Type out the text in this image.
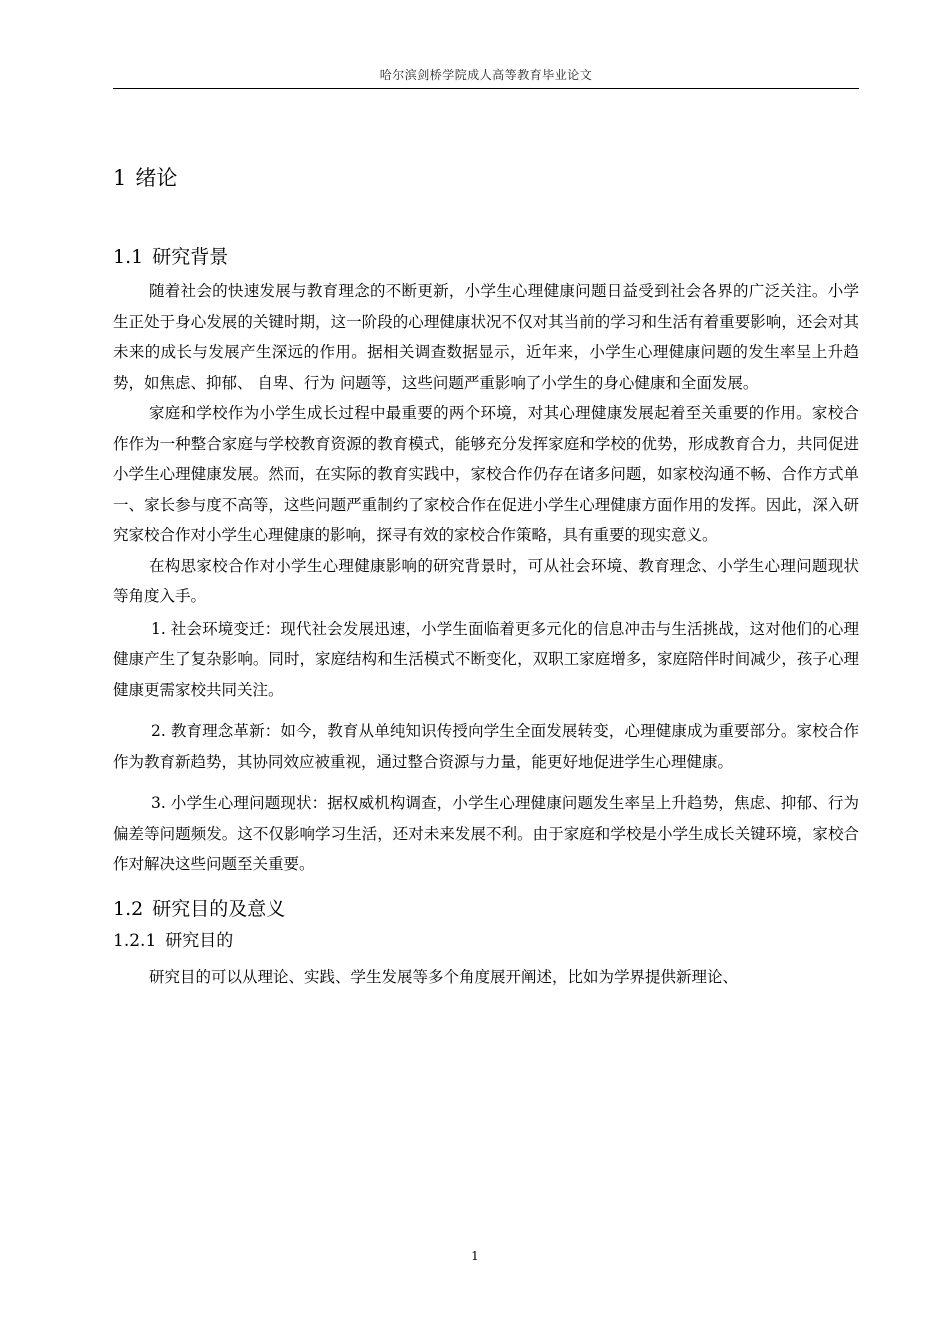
哈尔滨剑桥学院成人高等教育毕业论文
1 绪论
1.1 研究背景

随着社会的快速发展与教育理念的不断更新，小学生心理健康问题日益受到社会各界的广泛关注。小学生正处于身心发展的关键时期，这一阶段的心理健康状况不仅对其当前的学习和生活有着重要影响，还会对其未来的成长与发展产生深远的作用。据相关调查数据显示，近年来，小学生心理健康问题的发生率呈上升趋势，如焦虑、抑郁、 自卑、行为 问题等，这些问题严重影响了小学生的身心健康和全面发展。

家庭和学校作为小学生成长过程中最重要的两个环境，对其心理健康发展起着至关重要的作用。家校合作作为一种整合家庭与学校教育资源的教育模式，能够充分发挥家庭和学校的优势，形成教育合力，共同促进小学生心理健康发展。然而，在实际的教育实践中，家校合作仍存在诸多问题，如家校沟通不畅、合作方式单一、家长参与度不高等，这些问题严重制约了家校合作在促进小学生心理健康方面作用的发挥。因此，深入研究家校合作对小学生心理健康的影响，探寻有效的家校合作策略，具有重要的现实意义。

在构思家校合作对小学生心理健康影响的研究背景时，可从社会环境、教育理念、小学生心理问题现状等角度入手。

1. 社会环境变迁：现代社会发展迅速，小学生面临着更多元化的信息冲击与生活挑战，这对他们的心理健康产生了复杂影响。同时，家庭结构和生活模式不断变化，双职工家庭增多，家庭陪伴时间减少，孩子心理健康更需家校共同关注。

2. 教育理念革新：如今，教育从单纯知识传授向学生全面发展转变，心理健康成为重要部分。家校合作作为教育新趋势，其协同效应被重视，通过整合资源与力量，能更好地促进学生心理健康。

3. 小学生心理问题现状：据权威机构调查，小学生心理健康问题发生率呈上升趋势，焦虑、抑郁、行为偏差等问题频发。这不仅影响学习生活，还对未来发展不利。由于家庭和学校是小学生成长关键环境，家校合作对解决这些问题至关重要。

1.2 研究目的及意义
1.2.1 研究目的

研究目的可以从理论、实践、学生发展等多个角度展开阐述，比如为学界提供新理论、

1
